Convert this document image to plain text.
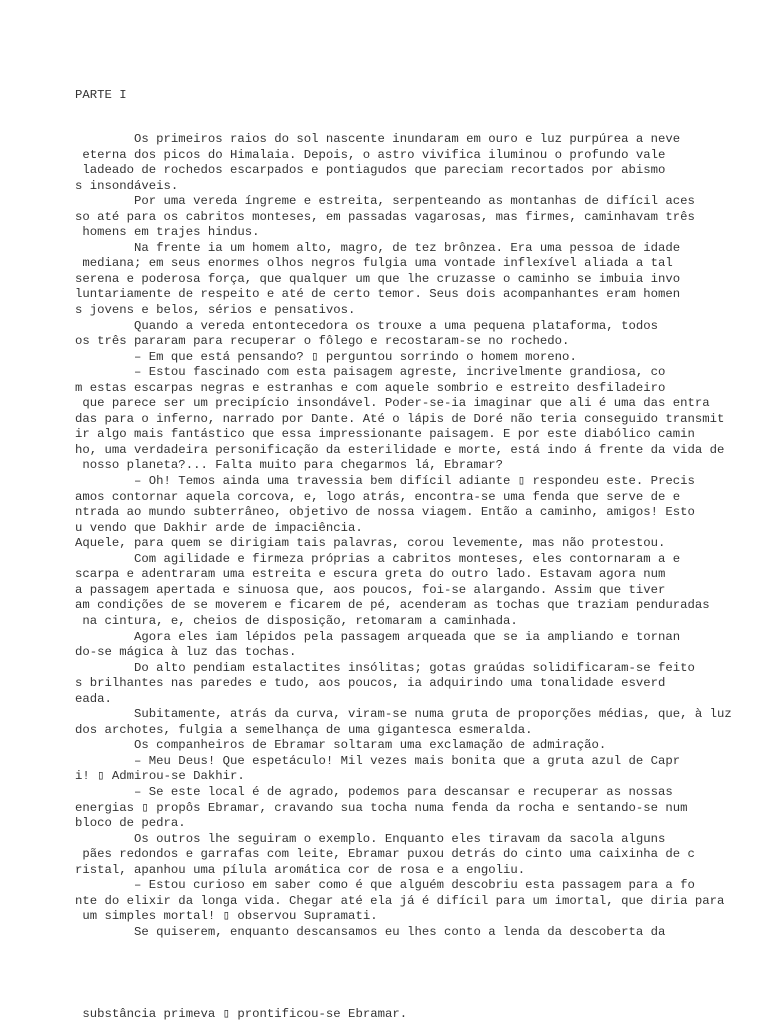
PARTE I
Os primeiros raios do sol nascente inundaram em ouro e luz purpúrea a neve
eterna dos picos do Himalaia. Depois, o astro vivifica iluminou o profundo vale
ladeado de rochedos escarpados e pontiagudos que pareciam recortados por abismo
s insondáveis.
Por uma vereda íngreme e estreita, serpenteando as montanhas de difícil aces
so até para os cabritos monteses, em passadas vagarosas, mas firmes, caminhavam três
homens em trajes hindus.
Na frente ia um homem alto, magro, de tez brônzea. Era uma pessoa de idade
mediana; em seus enormes olhos negros fulgia uma vontade inflexível aliada a tal
serena e poderosa força, que qualquer um que lhe cruzasse o caminho se imbuia invo
luntariamente de respeito e até de certo temor. Seus dois acompanhantes eram homen
s jovens e belos, sérios e pensativos.
Quando a vereda entontecedora os trouxe a uma pequena plataforma, todos
os três pararam para recuperar o fôlego e recostaram-se no rochedo.
– Em que está pensando? ▯ perguntou sorrindo o homem moreno.
– Estou fascinado com esta paisagem agreste, incrivelmente grandiosa, co
m estas escarpas negras e estranhas e com aquele sombrio e estreito desfiladeiro
que parece ser um precipício insondável. Poder-se-ia imaginar que ali é uma das entra
das para o inferno, narrado por Dante. Até o lápis de Doré não teria conseguido transmit
ir algo mais fantástico que essa impressionante paisagem. E por este diabólico camin
ho, uma verdadeira personificação da esterilidade e morte, está indo á frente da vida de
nosso planeta?... Falta muito para chegarmos lá, Ebramar?
– Oh! Temos ainda uma travessia bem difícil adiante ▯ respondeu este. Precis
amos contornar aquela corcova, e, logo atrás, encontra-se uma fenda que serve de e
ntrada ao mundo subterrâneo, objetivo de nossa viagem. Então a caminho, amigos! Esto
u vendo que Dakhir arde de impaciência.
Aquele, para quem se dirigiam tais palavras, corou levemente, mas não protestou.
Com agilidade e firmeza próprias a cabritos monteses, eles contornaram a e
scarpa e adentraram uma estreita e escura greta do outro lado. Estavam agora num
a passagem apertada e sinuosa que, aos poucos, foi-se alargando. Assim que tiver
am condições de se moverem e ficarem de pé, acenderam as tochas que traziam penduradas
na cintura, e, cheios de disposição, retomaram a caminhada.
Agora eles iam lépidos pela passagem arqueada que se ia ampliando e tornan
do-se mágica à luz das tochas.
Do alto pendiam estalactites insólitas; gotas graúdas solidificaram-se feito
s brilhantes nas paredes e tudo, aos poucos, ia adquirindo uma tonalidade esverd
eada.
Subitamente, atrás da curva, viram-se numa gruta de proporções médias, que, à luz
dos archotes, fulgia a semelhança de uma gigantesca esmeralda.
Os companheiros de Ebramar soltaram uma exclamação de admiração.
– Meu Deus! Que espetáculo! Mil vezes mais bonita que a gruta azul de Capr
i! ▯ Admirou-se Dakhir.
– Se este local é de agrado, podemos para descansar e recuperar as nossas
energias ▯ propôs Ebramar, cravando sua tocha numa fenda da rocha e sentando-se num
bloco de pedra.
Os outros lhe seguiram o exemplo. Enquanto eles tiravam da sacola alguns
pães redondos e garrafas com leite, Ebramar puxou detrás do cinto uma caixinha de c
ristal, apanhou uma pílula aromática cor de rosa e a engoliu.
– Estou curioso em saber como é que alguém descobriu esta passagem para a fo
nte do elixir da longa vida. Chegar até ela já é difícil para um imortal, que diria para
um simples mortal! ▯ observou Supramati.
Se quiserem, enquanto descansamos eu lhes conto a lenda da descoberta da
substância primeva ▯ prontificou-se Ebramar.
